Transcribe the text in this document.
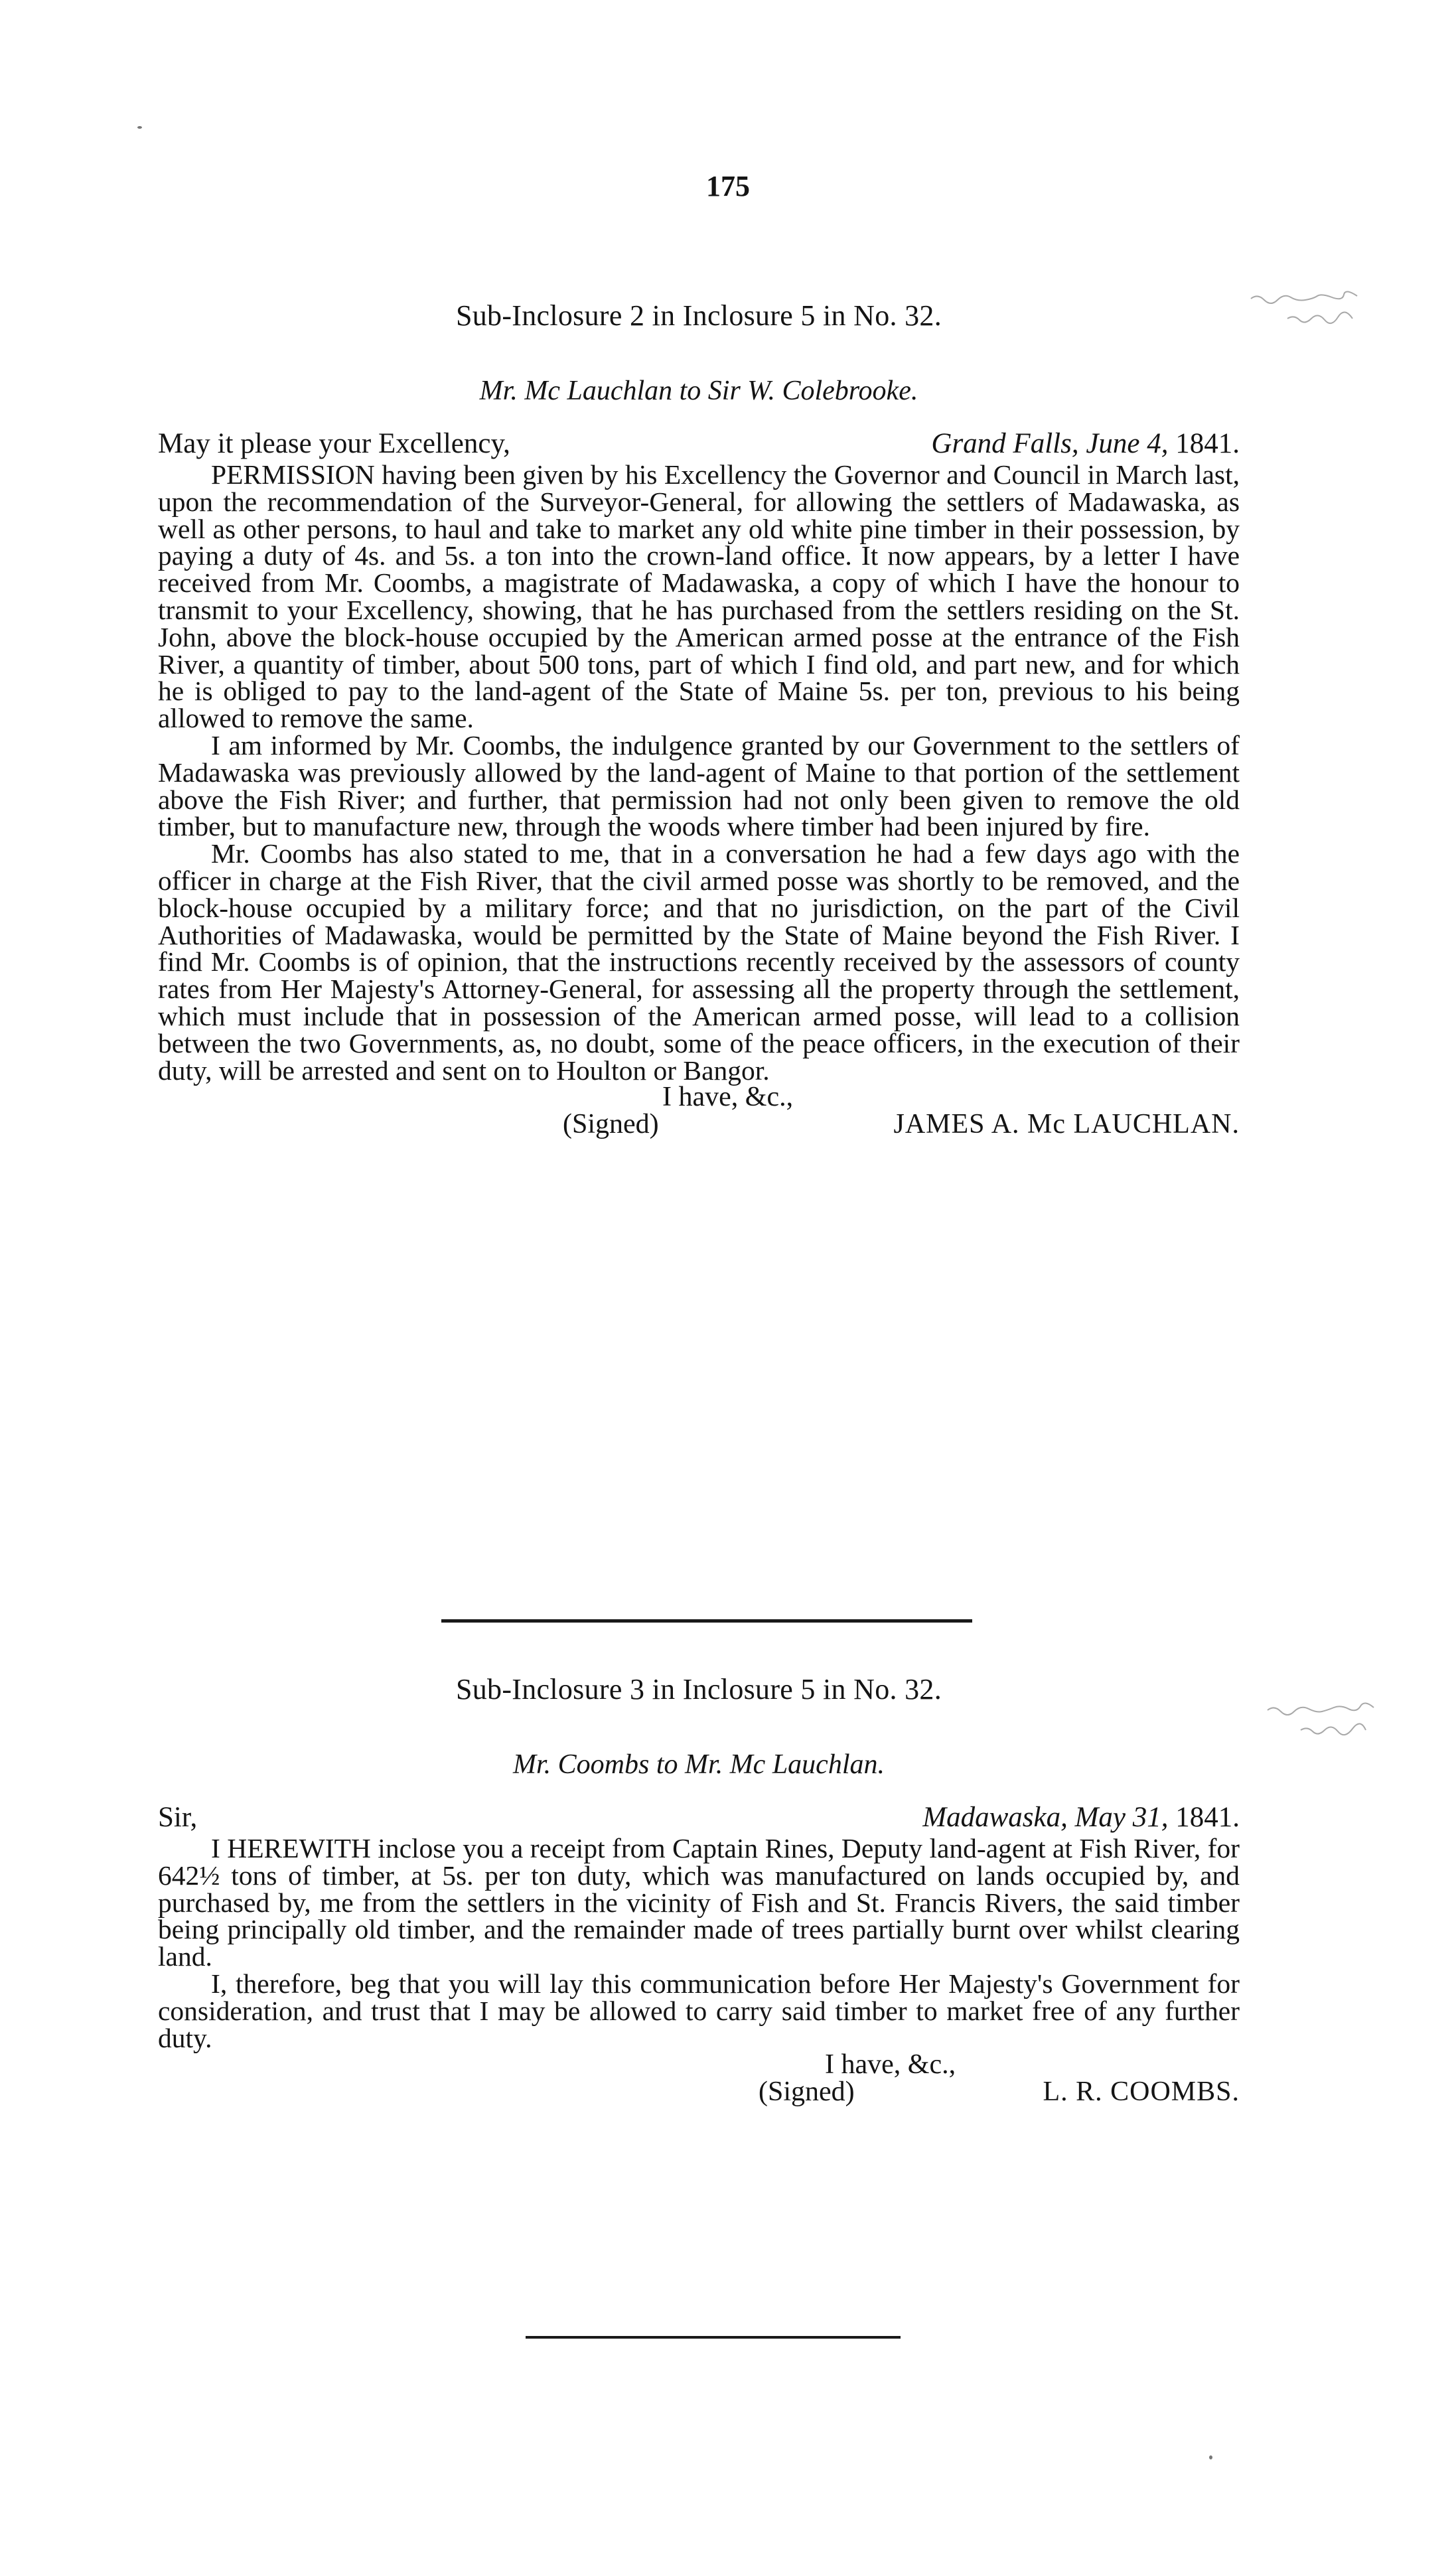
175
Sub-Inclosure 2 in Inclosure 5 in No. 32.
Mr. Mc Lauchlan to Sir W. Colebrooke.
May it please your Excellency,	Grand Falls, June 4, 1841.

PERMISSION having been given by his Excellency the Governor and Council in March last, upon the recommendation of the Surveyor-General, for allowing the settlers of Madawaska, as well as other persons, to haul and take to market any old white pine timber in their possession, by paying a duty of 4s. and 5s. a ton into the crown-land office. It now appears, by a letter I have received from Mr. Coombs, a magistrate of Madawaska, a copy of which I have the honour to transmit to your Excellency, showing, that he has purchased from the settlers residing on the St. John, above the block-house occupied by the American armed posse at the entrance of the Fish River, a quantity of timber, about 500 tons, part of which I find old, and part new, and for which he is obliged to pay to the land-agent of the State of Maine 5s. per ton, previous to his being allowed to remove the same.

I am informed by Mr. Coombs, the indulgence granted by our Government to the settlers of Madawaska was previously allowed by the land-agent of Maine to that portion of the settlement above the Fish River; and further, that permission had not only been given to remove the old timber, but to manufacture new, through the woods where timber had been injured by fire.

Mr. Coombs has also stated to me, that in a conversation he had a few days ago with the officer in charge at the Fish River, that the civil armed posse was shortly to be removed, and the block-house occupied by a military force; and that no jurisdiction, on the part of the Civil Authorities of Madawaska, would be permitted by the State of Maine beyond the Fish River. I find Mr. Coombs is of opinion, that the instructions recently received by the assessors of county rates from Her Majesty's Attorney-General, for assessing all the property through the settlement, which must include that in possession of the American armed posse, will lead to a collision between the two Governments, as, no doubt, some of the peace officers, in the execution of their duty, will be arrested and sent on to Houlton or Bangor.

I have, &c.,
(Signed)	JAMES A. Mc LAUCHLAN.
Sub-Inclosure 3 in Inclosure 5 in No. 32.
Mr. Coombs to Mr. Mc Lauchlan.
Sir,	Madawaska, May 31, 1841.

I HEREWITH inclose you a receipt from Captain Rines, Deputy land-agent at Fish River, for 642½ tons of timber, at 5s. per ton duty, which was manufactured on lands occupied by, and purchased by, me from the settlers in the vicinity of Fish and St. Francis Rivers, the said timber being principally old timber, and the remainder made of trees partially burnt over whilst clearing land.

I, therefore, beg that you will lay this communication before Her Majesty's Government for consideration, and trust that I may be allowed to carry said timber to market free of any further duty.

I have, &c.,
(Signed)	L. R. COOMBS.
